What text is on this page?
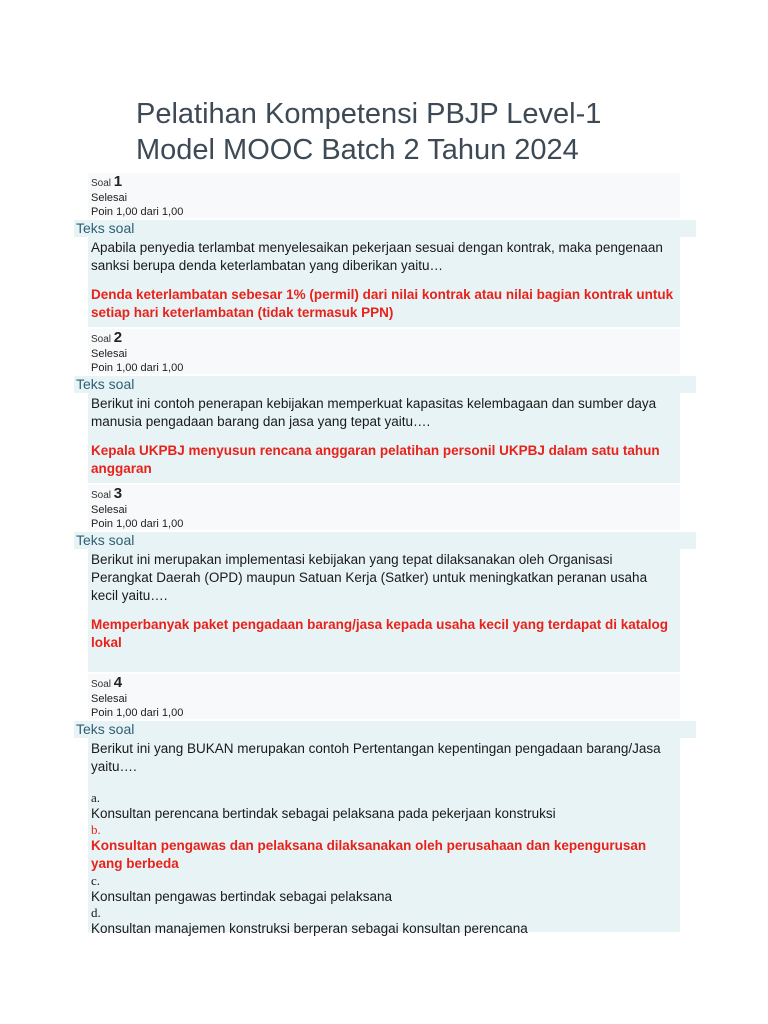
Pelatihan Kompetensi PBJP Level-1
Model MOOC Batch 2 Tahun 2024
Soal 1
Selesai
Poin 1,00 dari 1,00
Teks soal

Apabila penyedia terlambat menyelesaikan pekerjaan sesuai dengan kontrak, maka pengenaan sanksi berupa denda keterlambatan yang diberikan yaitu…

Denda keterlambatan sebesar 1% (permil) dari nilai kontrak atau nilai bagian kontrak untuk setiap hari keterlambatan (tidak termasuk PPN)

Soal 2
Selesai
Poin 1,00 dari 1,00
Teks soal

Berikut ini contoh penerapan kebijakan memperkuat kapasitas kelembagaan dan sumber daya manusia pengadaan barang dan jasa yang tepat yaitu….

Kepala UKPBJ menyusun rencana anggaran pelatihan personil UKPBJ dalam satu tahun anggaran

Soal 3
Selesai
Poin 1,00 dari 1,00
Teks soal

Berikut ini merupakan implementasi kebijakan yang tepat dilaksanakan oleh Organisasi Perangkat Daerah (OPD) maupun Satuan Kerja (Satker) untuk meningkatkan peranan usaha kecil yaitu….

Memperbanyak paket pengadaan barang/jasa kepada usaha kecil yang terdapat di katalog lokal

Soal 4
Selesai
Poin 1,00 dari 1,00
Teks soal

Berikut ini yang BUKAN merupakan contoh Pertentangan kepentingan pengadaan barang/Jasa yaitu….

a.

Konsultan perencana bertindak sebagai pelaksana pada pekerjaan konstruksi

b.

Konsultan pengawas dan pelaksana dilaksanakan oleh perusahaan dan kepengurusan yang berbeda

c.

Konsultan pengawas bertindak sebagai pelaksana

d.

Konsultan manajemen konstruksi berperan sebagai konsultan perencana
